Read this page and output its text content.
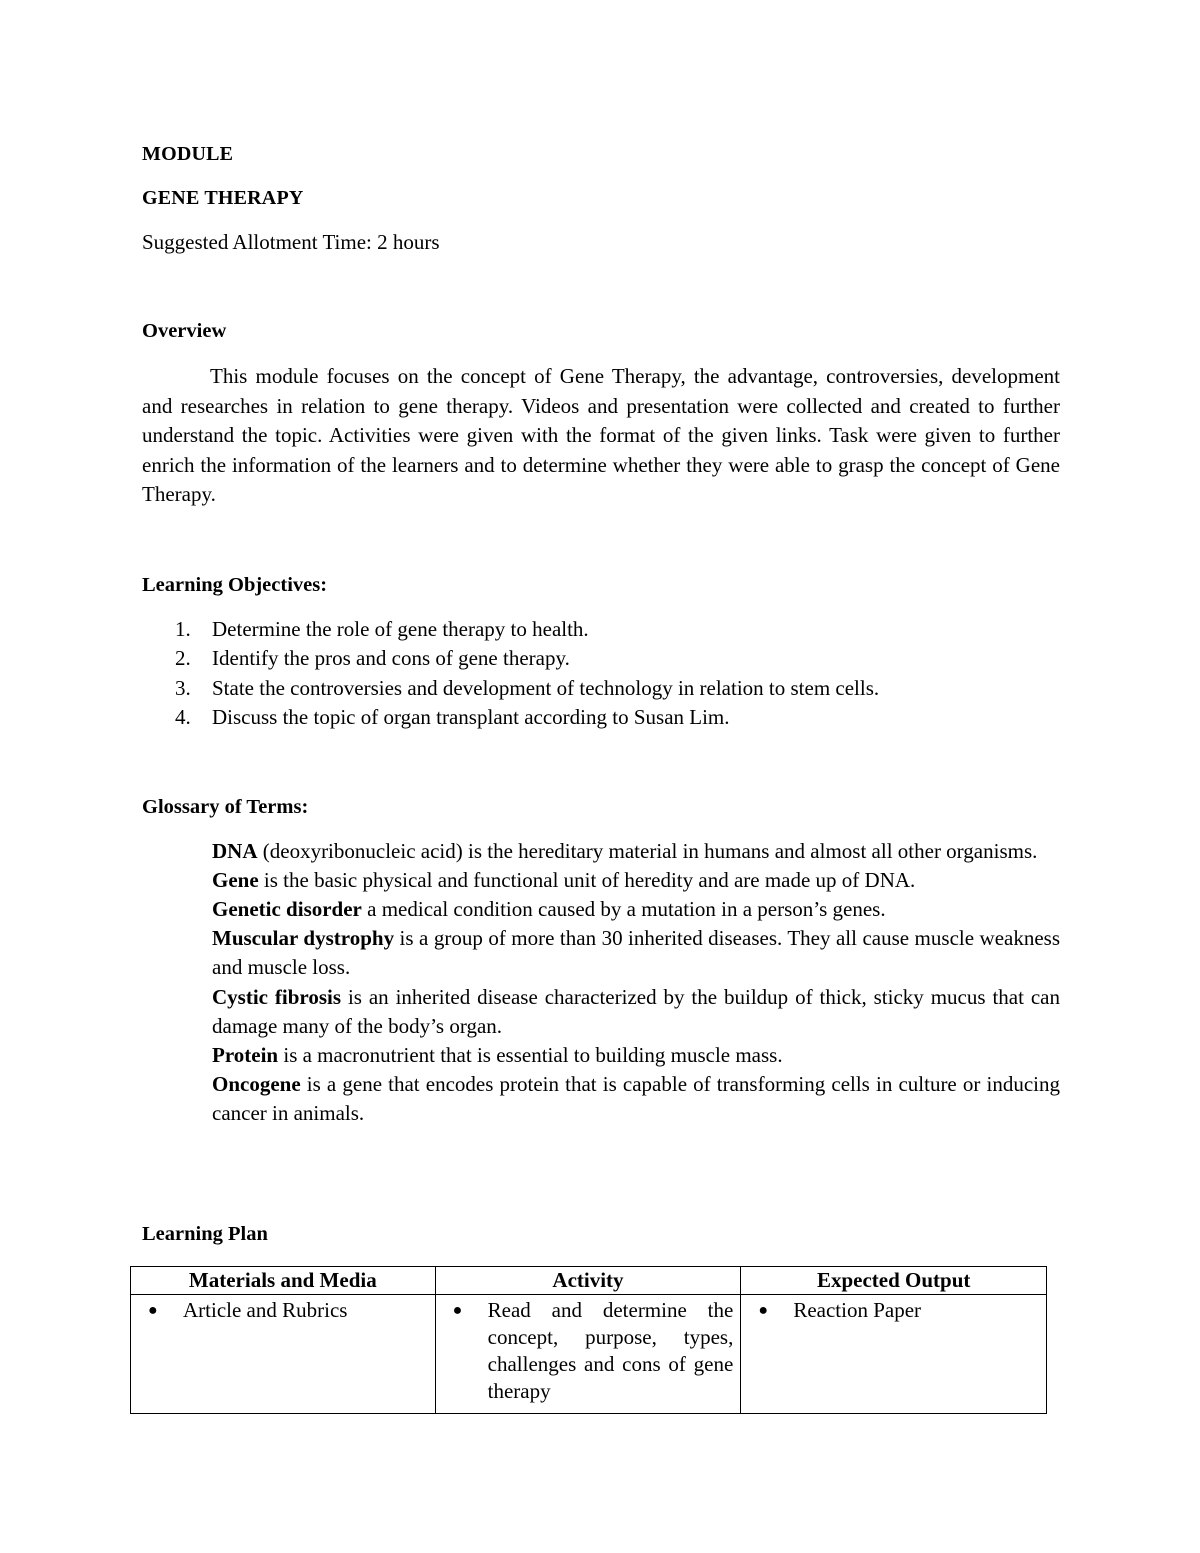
MODULE

GENE THERAPY

Suggested Allotment Time: 2 hours

Overview

This module focuses on the concept of Gene Therapy, the advantage, controversies, development and researches in relation to gene therapy. Videos and presentation were collected and created to further understand the topic. Activities were given with the format of the given links. Task were given to further enrich the information of the learners and to determine whether they were able to grasp the concept of Gene Therapy.

Learning Objectives:

1. Determine the role of gene therapy to health.
2. Identify the pros and cons of gene therapy.
3. State the controversies and development of technology in relation to stem cells.
4. Discuss the topic of organ transplant according to Susan Lim.

Glossary of Terms:

DNA (deoxyribonucleic acid) is the hereditary material in humans and almost all other organisms.

Gene is the basic physical and functional unit of heredity and are made up of DNA.

Genetic disorder a medical condition caused by a mutation in a person’s genes.

Muscular dystrophy is a group of more than 30 inherited diseases. They all cause muscle weakness and muscle loss.

Cystic fibrosis is an inherited disease characterized by the buildup of thick, sticky mucus that can damage many of the body’s organ.

Protein is a macronutrient that is essential to building muscle mass.

Oncogene is a gene that encodes protein that is capable of transforming cells in culture or inducing cancer in animals.

Learning Plan

Materials and Media	Activity	Expected Output

● Article and Rubrics	● Read and determine the concept, purpose, types, challenges and cons of gene therapy	● Reaction Paper
